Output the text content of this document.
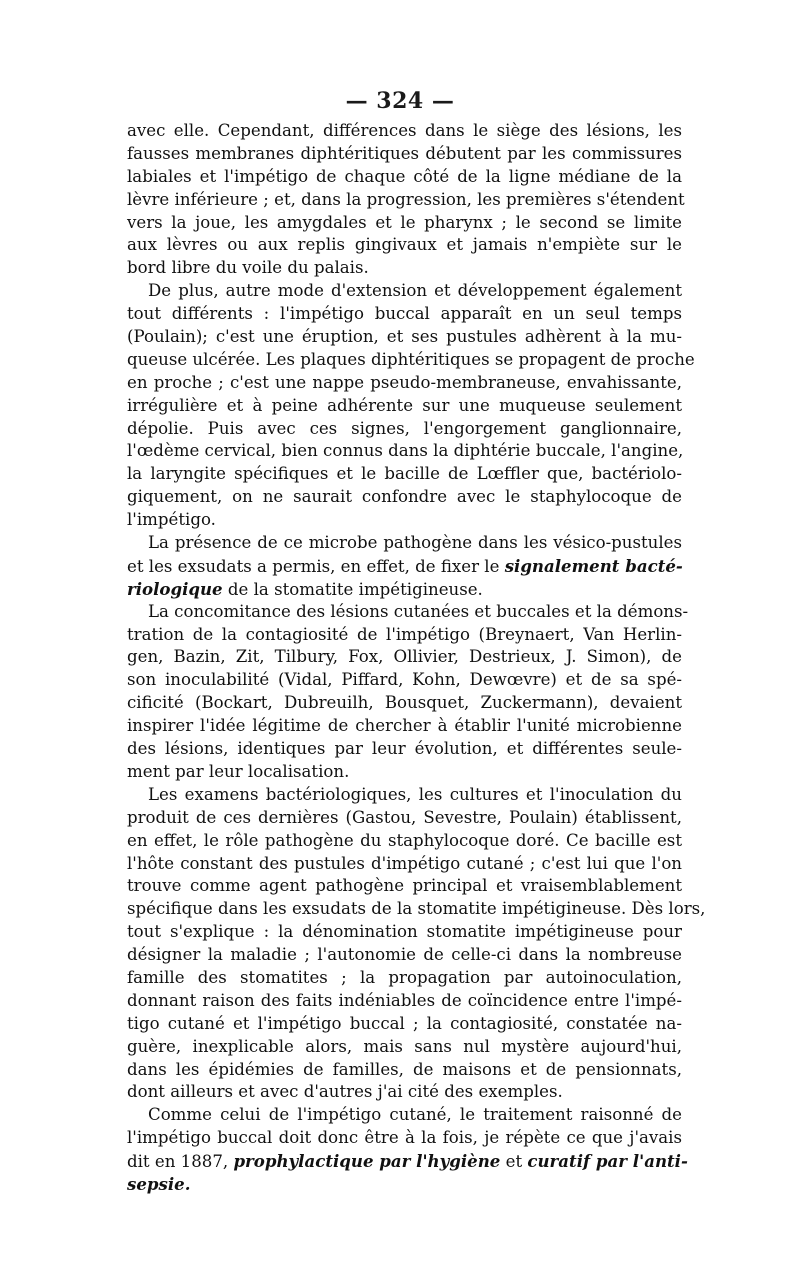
— 324 —
avec elle. Cependant, différences dans le siège des lésions, les
fausses membranes diphtéritiques débutent par les commissures
labiales et l'impétigo de chaque côté de la ligne médiane de la
lèvre inférieure ; et, dans la progression, les premières s'étendent
vers la joue, les amygdales et le pharynx ; le second se limite
aux lèvres ou aux replis gingivaux et jamais n'empiète sur le
bord libre du voile du palais.
De plus, autre mode d'extension et développement également
tout différents : l'impétigo buccal apparaît en un seul temps
(Poulain); c'est une éruption, et ses pustules adhèrent à la mu-
queuse ulcérée. Les plaques diphtéritiques se propagent de proche
en proche ; c'est une nappe pseudo-membraneuse, envahissante,
irrégulière et à peine adhérente sur une muqueuse seulement
dépolie. Puis avec ces signes, l'engorgement ganglionnaire,
l'œdème cervical, bien connus dans la diphtérie buccale, l'angine,
la laryngite spécifiques et le bacille de Lœffler que, bactériolo-
giquement, on ne saurait confondre avec le staphylocoque de
l'impétigo.
La présence de ce microbe pathogène dans les vésico-pustules
et les exsudats a permis, en effet, de fixer le signalement bacté-
riologique de la stomatite impétigineuse.
La concomitance des lésions cutanées et buccales et la démons-
tration de la contagiosité de l'impétigo (Breynaert, Van Herlin-
gen, Bazin, Zit, Tilbury, Fox, Ollivier, Destrieux, J. Simon), de
son inoculabilité (Vidal, Piffard, Kohn, Dewœvre) et de sa spé-
cificité (Bockart, Dubreuilh, Bousquet, Zuckermann), devaient
inspirer l'idée légitime de chercher à établir l'unité microbienne
des lésions, identiques par leur évolution, et différentes seule-
ment par leur localisation.
Les examens bactériologiques, les cultures et l'inoculation du
produit de ces dernières (Gastou, Sevestre, Poulain) établissent,
en effet, le rôle pathogène du staphylocoque doré. Ce bacille est
l'hôte constant des pustules d'impétigo cutané ; c'est lui que l'on
trouve comme agent pathogène principal et vraisemblablement
spécifique dans les exsudats de la stomatite impétigineuse. Dès lors,
tout s'explique : la dénomination stomatite impétigineuse pour
désigner la maladie ; l'autonomie de celle-ci dans la nombreuse
famille des stomatites ; la propagation par autoinoculation,
donnant raison des faits indéniables de coïncidence entre l'impé-
tigo cutané et l'impétigo buccal ; la contagiosité, constatée na-
guère, inexplicable alors, mais sans nul mystère aujourd'hui,
dans les épidémies de familles, de maisons et de pensionnats,
dont ailleurs et avec d'autres j'ai cité des exemples.
Comme celui de l'impétigo cutané, le traitement raisonné de
l'impétigo buccal doit donc être à la fois, je répète ce que j'avais
dit en 1887, prophylactique par l'hygiène et curatif par l'anti-
sepsie.
